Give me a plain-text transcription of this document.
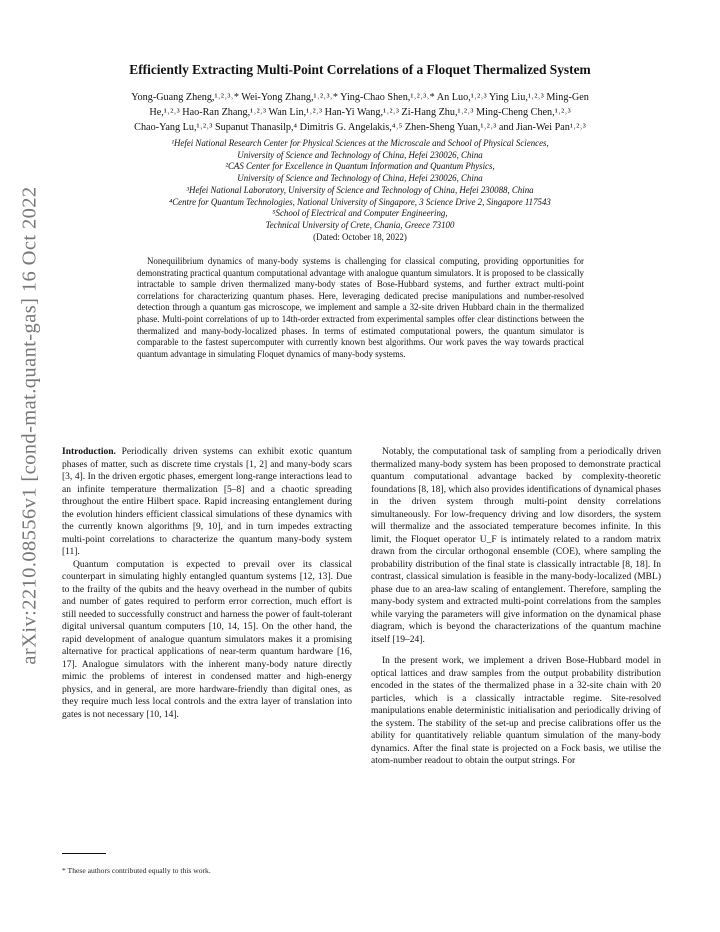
arXiv:2210.08556v1 [cond-mat.quant-gas] 16 Oct 2022
Efficiently Extracting Multi-Point Correlations of a Floquet Thermalized System
Yong-Guang Zheng,¹˒²˒³˒* Wei-Yong Zhang,¹˒²˒³˒* Ying-Chao Shen,¹˒²˒³˒* An Luo,¹˒²˒³ Ying Liu,¹˒²˒³ Ming-Gen
He,¹˒²˒³ Hao-Ran Zhang,¹˒²˒³ Wan Lin,¹˒²˒³ Han-Yi Wang,¹˒²˒³ Zi-Hang Zhu,¹˒²˒³ Ming-Cheng Chen,¹˒²˒³
Chao-Yang Lu,¹˒²˒³ Supanut Thanasilp,⁴ Dimitris G. Angelakis,⁴˒⁵ Zhen-Sheng Yuan,¹˒²˒³ and Jian-Wei Pan¹˒²˒³
¹Hefei National Research Center for Physical Sciences at the Microscale and School of Physical Sciences,
University of Science and Technology of China, Hefei 230026, China
²CAS Center for Excellence in Quantum Information and Quantum Physics,
University of Science and Technology of China, Hefei 230026, China
³Hefei National Laboratory, University of Science and Technology of China, Hefei 230088, China
⁴Centre for Quantum Technologies, National University of Singapore, 3 Science Drive 2, Singapore 117543
⁵School of Electrical and Computer Engineering,
Technical University of Crete, Chania, Greece 73100
(Dated: October 18, 2022)

Nonequilibrium dynamics of many-body systems is challenging for classical computing, providing opportunities for demonstrating practical quantum computational advantage with analogue quantum simulators. It is proposed to be classically intractable to sample driven thermalized many-body states of Bose-Hubbard systems, and further extract multi-point correlations for characterizing quantum phases. Here, leveraging dedicated precise manipulations and number-resolved detection through a quantum gas microscope, we implement and sample a 32-site driven Hubbard chain in the thermalized phase. Multi-point correlations of up to 14th-order extracted from experimental samples offer clear distinctions between the thermalized and many-body-localized phases. In terms of estimated computational powers, the quantum simulator is comparable to the fastest supercomputer with currently known best algorithms. Our work paves the way towards practical quantum advantage in simulating Floquet dynamics of many-body systems.

Introduction. Periodically driven systems can exhibit exotic quantum phases of matter, such as discrete time crystals [1, 2] and many-body scars [3, 4]. In the driven ergotic phases, emergent long-range interactions lead to an infinite temperature thermalization [5–8] and a chaotic spreading throughout the entire Hilbert space. Rapid increasing entanglement during the evolution hinders efficient classical simulations of these dynamics with the currently known algorithms [9, 10], and in turn impedes extracting multi-point correlations to characterize the quantum many-body system [11].

Quantum computation is expected to prevail over its classical counterpart in simulating highly entangled quantum systems [12, 13]. Due to the frailty of the qubits and the heavy overhead in the number of qubits and number of gates required to perform error correction, much effort is still needed to successfully construct and harness the power of fault-tolerant digital universal quantum computers [10, 14, 15]. On the other hand, the rapid development of analogue quantum simulators makes it a promising alternative for practical applications of near-term quantum hardware [16, 17]. Analogue simulators with the inherent many-body nature directly mimic the problems of interest in condensed matter and high-energy physics, and in general, are more hardware-friendly than digital ones, as they require much less local controls and the extra layer of translation into gates is not necessary [10, 14].

Notably, the computational task of sampling from a periodically driven thermalized many-body system has been proposed to demonstrate practical quantum computational advantage backed by complexity-theoretic foundations [8, 18], which also provides identifications of dynamical phases in the driven system through multi-point density correlations simultaneously. For low-frequency driving and low disorders, the system will thermalize and the associated temperature becomes infinite. In this limit, the Floquet operator U_F is intimately related to a random matrix drawn from the circular orthogonal ensemble (COE), where sampling the probability distribution of the final state is classically intractable [8, 18]. In contrast, classical simulation is feasible in the many-body-localized (MBL) phase due to an area-law scaling of entanglement. Therefore, sampling the many-body system and extracted multi-point correlations from the samples while varying the parameters will give information on the dynamical phase diagram, which is beyond the characterizations of the quantum machine itself [19–24].

In the present work, we implement a driven Bose-Hubbard model in optical lattices and draw samples from the output probability distribution encoded in the states of the thermalized phase in a 32-site chain with 20 particles, which is a classically intractable regime. Site-resolved manipulations enable deterministic initialisation and periodically driving of the system. The stability of the set-up and precise calibrations offer us the ability for quantitatively reliable quantum simulation of the many-body dynamics. After the final state is projected on a Fock basis, we utilise the atom-number readout to obtain the output strings. For

* These authors contributed equally to this work.
